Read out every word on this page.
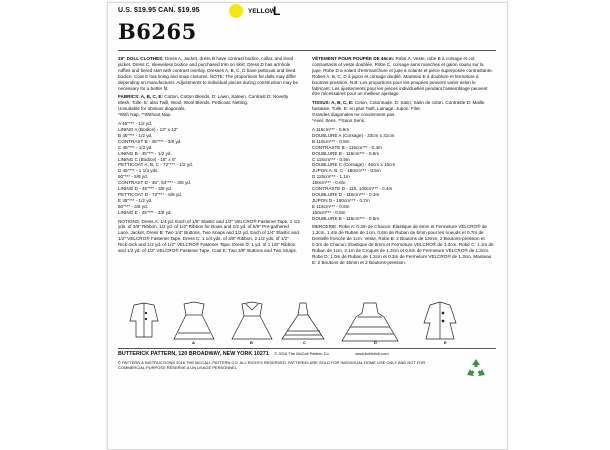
U.S. $19.95 CAN. $19.95	YELLOW
L
B6265

18" DOLL CLOTHES: Dress A, Jacket, dress B have contrast bodice, collar, and lined jacket. Dress C, sleeveless bodice and purchased trim on skirt. Dress D has armhole ruffles and tiered skirt with contrast overlay. Dresses A, B, C, D have petticoat and lined bodice. Coat E has lining and snap closures. NOTE: The proportions for dolls may differ depending on manufacturer. Adjustments to individual pieces during construction may be necessary for a better fit.

FABRICS: A, B, C, E: Cotton, Cotton Blends. D: Lawn, Sateen. Contrast D: Novelty Mesh, Tulle. E: also Twill, Wool, Wool Blends. Petticoat: Netting.
Unsuitable for obvious diagonals.
*With Nap. **Without Nap.

A 45"*** - 1/2 yd.
LINING A (Bodice) - 13" x 12"
B 45"*** - 1/2 yd.
CONTRAST B - 45"*** - 3/8 yd.
C 45"*** - 1/2 yd.
LINING B - 45"*** - 1/2 yd.
LINING C (Bodice) - 18" x 6"
PETTICOAT A, B, C - 72"*** - 1/2 yd.
D 45"*** - 1 1/4 yds.
60"*** - 5/8 yd.
CONTRAST D - 45", 54"*** - 3/8 yd.
LINING D - 45"*** - 3/8 yd.
PETTICOAT D - 72"*** - 5/8 yd.
E 45"*** - 1/2 yd.
60"*** - 3/8 yd.
LINING E - 45"*** - 3/8 yd.

NOTIONS: Dress A: 1/4 yd. Each of 1/8" Elastic and 1/2" VELCRO® Fastener Tape, 1 1/2 yds. of 3/8" Ribbon, 1/2 yd. of 1/4" Ribbon for Bows and 1/2 yd. of 5/8" Pre-gathered Lace. Jacket, Dress B: Two 1/4" Buttons, Two Snaps and 1/2 yd. Each of 1/4" Elastic and 1/2" VELCRO® Fastener Tape. Dress C: 1 1/4 yds. of 3/8" Ribbon, 2 1/2 yds. of 1/2" Rick-rack and 1/2 yd. of 1/2" VELCRO® Fastener Tape. Dress D: 1 yd. of 1 1/8" Ribbon and 1/2 yd. of 1/2" VELCRO® Fastener Tape. Coat E: Two 3/8" Buttons and Two Snaps.

VÊTEMENT POUR POUPÉE DE 46cm: Robe A, Veste, robe B à corsage et col contrastants et veste doublée. Robe C, corsage sans manches et galon cousu sur la jupe. Robe D a volant d'emmanchure et jupe à volants et pièce superposée contrastante. Robes A, B, C, D à jupon et corsage doublé. Manteau E à doublure et fermeture à boutons-pression. N.B: Les proportions pour les poupées peuvent varier selon le fabricant. Les ajustements pour les pièces individuelles pendant l'assemblage peuvent être nécessaires pour un meilleur ajustage.

TISSUS: A, B, C, E: Coton, Cotonnade. D: Satin, Satin de coton. Contraste D: Maille fantaisie, Tulle. E: en plus Twill, Lainage. Jupon: Filet.
Grandes diagonales ne conviennent pas.
*Avec Sens. **Sans Sens.

A 115cm*** - 0.5m
DOUBLURE A (Corsage) - 33cm x 31cm
B 115cm*** - 0.5m
CONTRASTE B - 115cm*** - 0.4m
DOUBLURE B - 115cm*** - 0.5m
C 115cm*** - 0.5m
DOUBLURE C (Corsage) - 46cm x 15cm
JUPON A, B, C - 180cm*** - 0.5m
D 115cm*** - 1.1m
150cm*** - 0.6m
CONTRASTE D - 115, 140cm*** - 0.4m
DOUBLURE D - 115cm*** - 0.3m
JUPON D - 180cm*** - 0.7m
E 115cm*** - 0.6m
150cm*** - 0.5m
DOUBLURE E - 115cm*** - 0.5m

MERCERIE: Robe A: 0.3m de Chacun: Élastique de 6mm et Fermeture VELCRO® de 1.3cm, 1.4m de Ruban de 1cm, 0.6m de Ruban de 6mm pour les noeuds et 0.7m de Dentelle froncée de 1cm. Veste, Robe B: 2 Boutons de 13mm, 2 Boutons-pression et 0.3m de Chacun: Élastique de 6mm et Fermeture VELCRO® de 1.3cm. Robe C: 1.1m de Ruban de 1cm, 2.1m de Croquet de 1.3cm et 0.5m de Fermeture VELCRO® de 1.3cm. Robe D: 1.0m de Ruban de 1.3cm et 0.3m de Fermeture VELCRO® de 1.3cm. Manteau E: 2 Boutons de 16mm et 2 Boutons-pression.

A	B	C	D	E
BUTTERICK PATTERN, 120 BROADWAY, NEW YORK 10271 © 2016 The McCall Pattern Co.	www.butterick.com
© PATTERN & INSTRUCTIONS 2016 THE MCCALL PATTERN CO. ALL RIGHTS RESERVED. PATTERNS ARE SOLD FOR INDIVIDUAL HOME USE ONLY AND NOT FOR COMMERCIAL PURPOSE RESERVE A UN USAGE PERSONNEL
